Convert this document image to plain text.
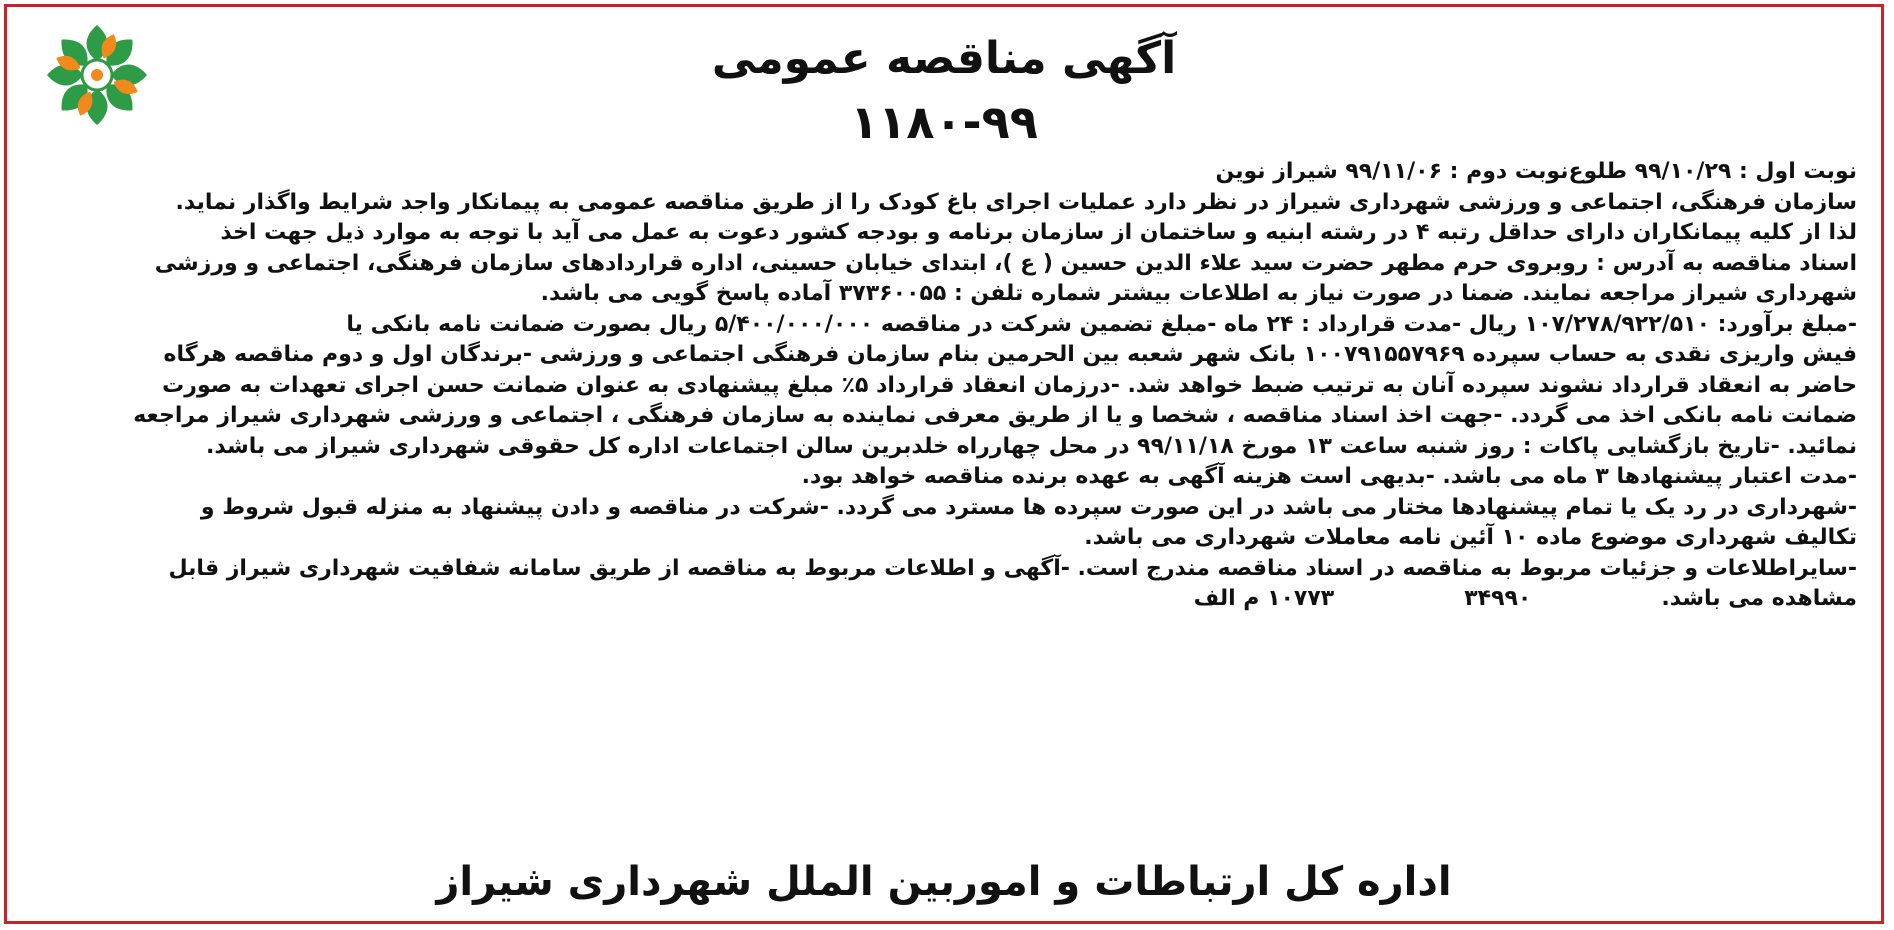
آگهی مناقصه عمومی
۱۱۸۰-۹۹
نوبت اول : ۹۹/۱۰/۲۹ طلوع
نوبت دوم : ۹۹/۱۱/۰۶ شیراز نوین
سازمان فرهنگی، اجتماعی و ورزشی شهرداری شیراز در نظر دارد عملیات اجرای باغ کودک را از طریق مناقصه عمومی به پیمانکار واجد شرایط واگذار نماید.
لذا از کلیه پیمانکاران دارای حداقل رتبه ۴ در رشته ابنیه و ساختمان از سازمان برنامه و بودجه کشور دعوت به عمل می آید با توجه به موارد ذیل جهت اخذ
اسناد مناقصه به آدرس : روبروی حرم مطهر حضرت سید علاء الدین حسین ( ع )، ابتدای خیابان حسینی، اداره قراردادهای سازمان فرهنگی، اجتماعی و ورزشی
شهرداری شیراز مراجعه نمایند. ضمنا در صورت نیاز به اطلاعات بیشتر شماره تلفن : ۳۷۳۶۰۰۵۵ آماده پاسخ گویی می باشد.
-مبلغ برآورد: ۱۰۷/۲۷۸/۹۲۲/۵۱۰ ریال -مدت قرارداد : ۲۴ ماه -مبلغ تضمین شرکت در مناقصه ۵/۴۰۰/۰۰۰/۰۰۰ ریال بصورت ضمانت نامه بانکی یا
فیش واریزی نقدی به حساب سپرده ۱۰۰۷۹۱۵۵۷۹۶۹ بانک شهر شعبه بین الحرمین بنام سازمان فرهنگی اجتماعی و ورزشی -برندگان اول و دوم مناقصه هرگاه
حاضر به انعقاد قرارداد نشوند سپرده آنان به ترتیب ضبط خواهد شد. -درزمان انعقاد قرارداد ۵٪ مبلغ پیشنهادی به عنوان ضمانت حسن اجرای تعهدات به صورت
ضمانت نامه بانکی اخذ می گردد. -جهت اخذ اسناد مناقصه ، شخصا و یا از طریق معرفی نماینده به سازمان فرهنگی ، اجتماعی و ورزشی شهرداری شیراز مراجعه
نمائید. -تاریخ بازگشایی پاکات : روز شنبه ساعت ۱۳ مورخ ۹۹/۱۱/۱۸ در محل چهارراه خلدبرین سالن اجتماعات اداره کل حقوقی شهرداری شیراز می باشد.
-مدت اعتبار پیشنهادها ۳ ماه می باشد. -بدیهی است هزینه آگهی به عهده برنده مناقصه خواهد بود.
-شهرداری در رد یک یا تمام پیشنهادها مختار می باشد در این صورت سپرده ها مسترد می گردد. -شرکت در مناقصه و دادن پیشنهاد به منزله قبول شروط و
تکالیف شهرداری موضوع ماده ۱۰ آئین نامه معاملات شهرداری می باشد.
-سایراطلاعات و جزئیات مربوط به مناقصه در اسناد مناقصه مندرج است. -آگهی و اطلاعات مربوط به مناقصه از طریق سامانه شفافیت شهرداری شیراز قابل
مشاهده می باشد.
۳۴۹۹۰
۱۰۷۷۳ م الف
اداره کل ارتباطات و اموربین الملل شهرداری شیراز
